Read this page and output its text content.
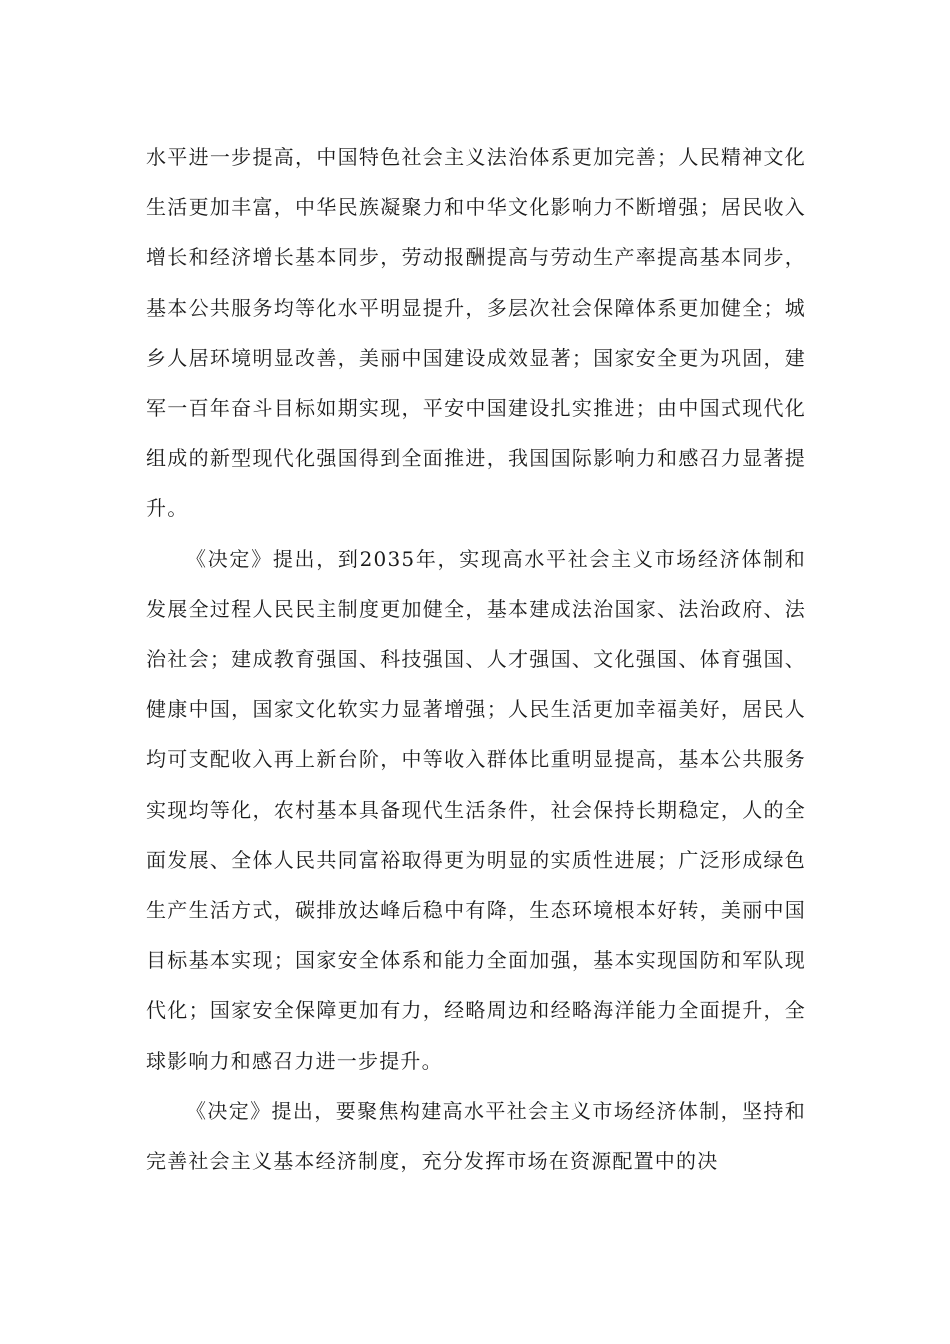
水平进一步提高，中国特色社会主义法治体系更加完善；人民精神文化生活更加丰富，中华民族凝聚力和中华文化影响力不断增强；居民收入增长和经济增长基本同步，劳动报酬提高与劳动生产率提高基本同步，基本公共服务均等化水平明显提升，多层次社会保障体系更加健全；城乡人居环境明显改善，美丽中国建设成效显著；国家安全更为巩固，建军一百年奋斗目标如期实现，平安中国建设扎实推进；由中国式现代化组成的新型现代化强国得到全面推进，我国国际影响力和感召力显著提升。

《决定》提出，到2035年，实现高水平社会主义市场经济体制和发展全过程人民民主制度更加健全，基本建成法治国家、法治政府、法治社会；建成教育强国、科技强国、人才强国、文化强国、体育强国、健康中国，国家文化软实力显著增强；人民生活更加幸福美好，居民人均可支配收入再上新台阶，中等收入群体比重明显提高，基本公共服务实现均等化，农村基本具备现代生活条件，社会保持长期稳定，人的全面发展、全体人民共同富裕取得更为明显的实质性进展；广泛形成绿色生产生活方式，碳排放达峰后稳中有降，生态环境根本好转，美丽中国目标基本实现；国家安全体系和能力全面加强，基本实现国防和军队现代化；国家安全保障更加有力，经略周边和经略海洋能力全面提升，全球影响力和感召力进一步提升。

《决定》提出，要聚焦构建高水平社会主义市场经济体制，坚持和完善社会主义基本经济制度，充分发挥市场在资源配置中的决
